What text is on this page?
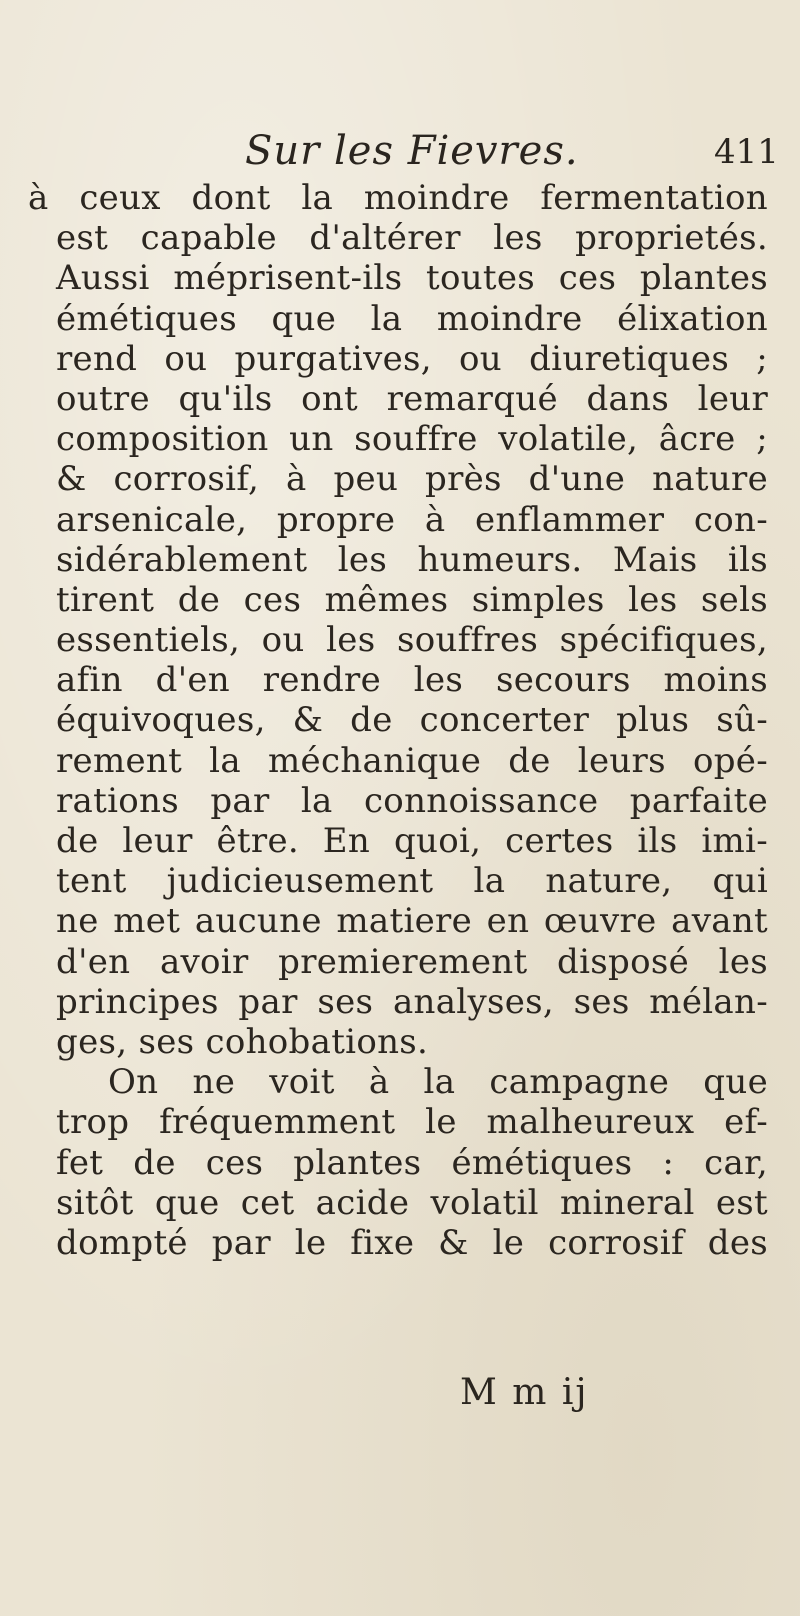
Sur les Fievres.	411
à ceux dont la moindre fermentation
est capable d'altérer les proprietés.
Aussi méprisent-ils toutes ces plantes
émétiques que la moindre élixation
rend ou purgatives, ou diuretiques ;
outre qu'ils ont remarqué dans leur
composition un souffre volatile, âcre ;
& corrosif, à peu près d'une nature
arsenicale, propre à enflammer con-
sidérablement les humeurs. Mais ils
tirent de ces mêmes simples les sels
essentiels, ou les souffres spécifiques,
afin d'en rendre les secours moins
équivoques, & de concerter plus sû-
rement la méchanique de leurs opé-
rations par la connoissance parfaite
de leur être. En quoi, certes ils imi-
tent judicieusement la nature, qui
ne met aucune matiere en œuvre avant
d'en avoir premierement disposé les
principes par ses analyses, ses mélan-
ges, ses cohobations.
On ne voit à la campagne que
trop fréquemment le malheureux ef-
fet de ces plantes émétiques : car,
sitôt que cet acide volatil mineral est
dompté par le fixe & le corrosif des
M m ij
